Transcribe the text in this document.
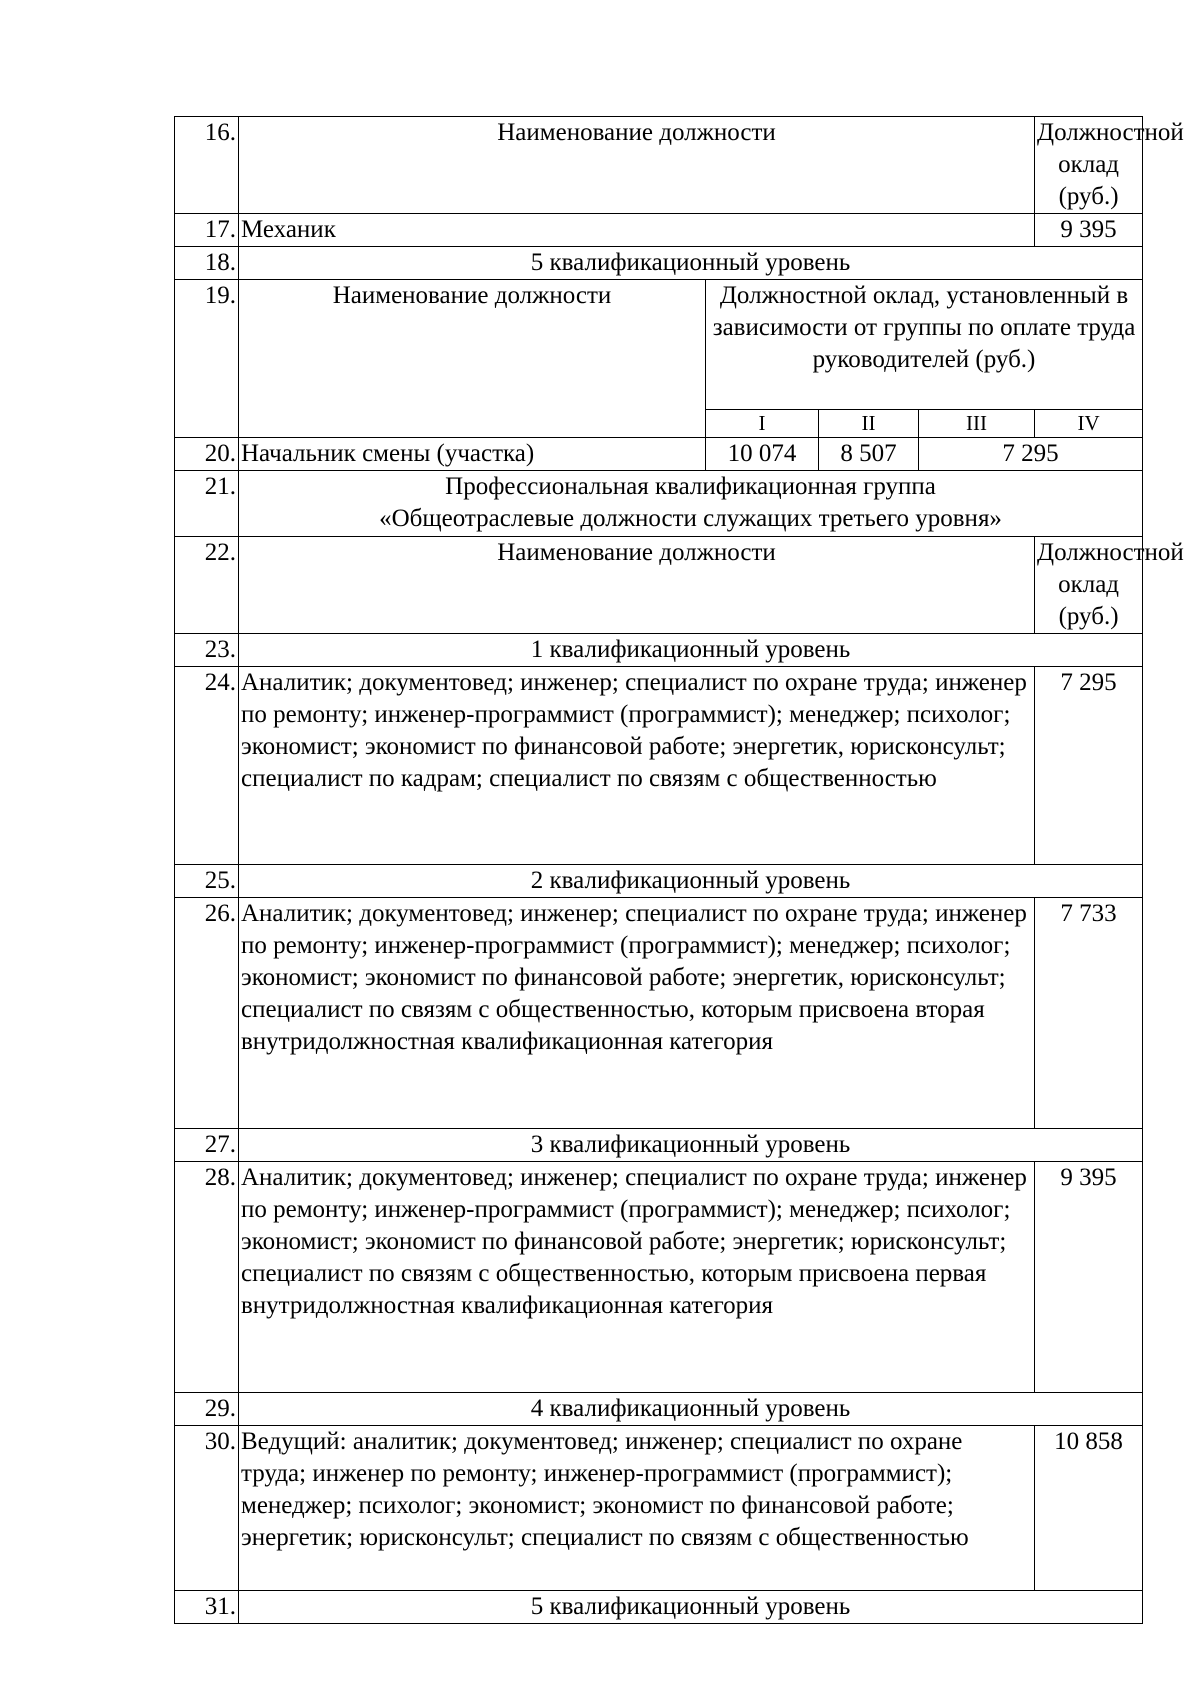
16.	Наименование должности				Должностной оклад (руб.)
17.	Механик				9 395
18.	5 квалификационный уровень				
19.	Наименование должности	Должностной оклад, установленный в зависимости от группы по оплате труда руководителей (руб.)			
		I	II	III	IV
20.	Начальник смены (участка)	10 074	8 507	7 295	
21.	Профессиональная квалификационная группа
«Общеотраслевые должности служащих третьего уровня»				

22.	Наименование должности				Должностной оклад (руб.)
23.	1 квалификационный уровень				
24.	Аналитик; документовед; инженер; специалист по охране труда; инженер по ремонту; инженер-программист (программист); менеджер; психолог; экономист; экономист по финансовой работе; энергетик, юрисконсульт; специалист по кадрам; специалист по связям с общественностью				7 295
25.	2 квалификационный уровень				
26.	Аналитик; документовед; инженер; специалист по охране труда; инженер по ремонту; инженер-программист (программист); менеджер; психолог; экономист; экономист по финансовой работе; энергетик, юрисконсульт; специалист по связям с общественностью, которым присвоена вторая внутридолжностная квалификационная категория				7 733
27.	3 квалификационный уровень				
28.	Аналитик; документовед; инженер; специалист по охране труда; инженер по ремонту; инженер-программист (программист); менеджер; психолог; экономист; экономист по финансовой работе; энергетик; юрисконсульт; специалист по связям с общественностью, которым присвоена первая внутридолжностная квалификационная категория				9 395
29.	4 квалификационный уровень				
30.	Ведущий: аналитик; документовед; инженер; специалист по охране труда; инженер по ремонту; инженер-программист (программист); менеджер; психолог; экономист; экономист по финансовой работе; энергетик; юрисконсульт; специалист по связям с общественностью				10 858
31.	5 квалификационный уровень				
